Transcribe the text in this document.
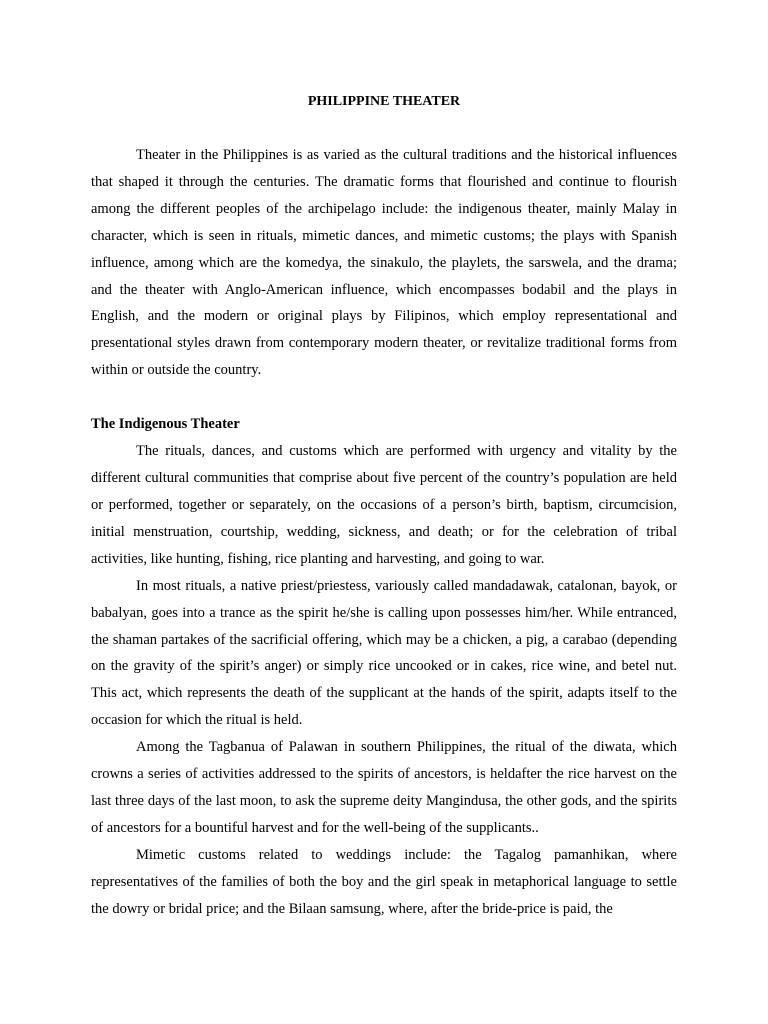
PHILIPPINE THEATER

Theater in the Philippines is as varied as the cultural traditions and the historical influences that shaped it through the centuries. The dramatic forms that flourished and continue to flourish among the different peoples of the archipelago include: the indigenous theater, mainly Malay in character, which is seen in rituals, mimetic dances, and mimetic customs; the plays with Spanish influence, among which are the komedya, the sinakulo, the playlets, the sarswela, and the drama; and the theater with Anglo-American influence, which encompasses bodabil and the plays in English, and the modern or original plays by Filipinos, which employ representational and presentational styles drawn from contemporary modern theater, or revitalize traditional forms from within or outside the country.

The Indigenous Theater

The rituals, dances, and customs which are performed with urgency and vitality by the different cultural communities that comprise about five percent of the country’s population are held or performed, together or separately, on the occasions of a person’s birth, baptism, circumcision, initial menstruation, courtship, wedding, sickness, and death; or for the celebration of tribal activities, like hunting, fishing, rice planting and harvesting, and going to war.

In most rituals, a native priest/priestess, variously called mandadawak, catalonan, bayok, or babalyan, goes into a trance as the spirit he/she is calling upon possesses him/her. While entranced, the shaman partakes of the sacrificial offering, which may be a chicken, a pig, a carabao (depending on the gravity of the spirit’s anger) or simply rice uncooked or in cakes, rice wine, and betel nut. This act, which represents the death of the supplicant at the hands of the spirit, adapts itself to the occasion for which the ritual is held.

Among the Tagbanua of Palawan in southern Philippines, the ritual of the diwata, which crowns a series of activities addressed to the spirits of ancestors, is heldafter the rice harvest on the last three days of the last moon, to ask the supreme deity Mangindusa, the other gods, and the spirits of ancestors for a bountiful harvest and for the well-being of the supplicants..

Mimetic customs related to weddings include: the Tagalog pamanhikan, where representatives of the families of both the boy and the girl speak in metaphorical language to settle the dowry or bridal price; and the Bilaan samsung, where, after the bride-price is paid, the
